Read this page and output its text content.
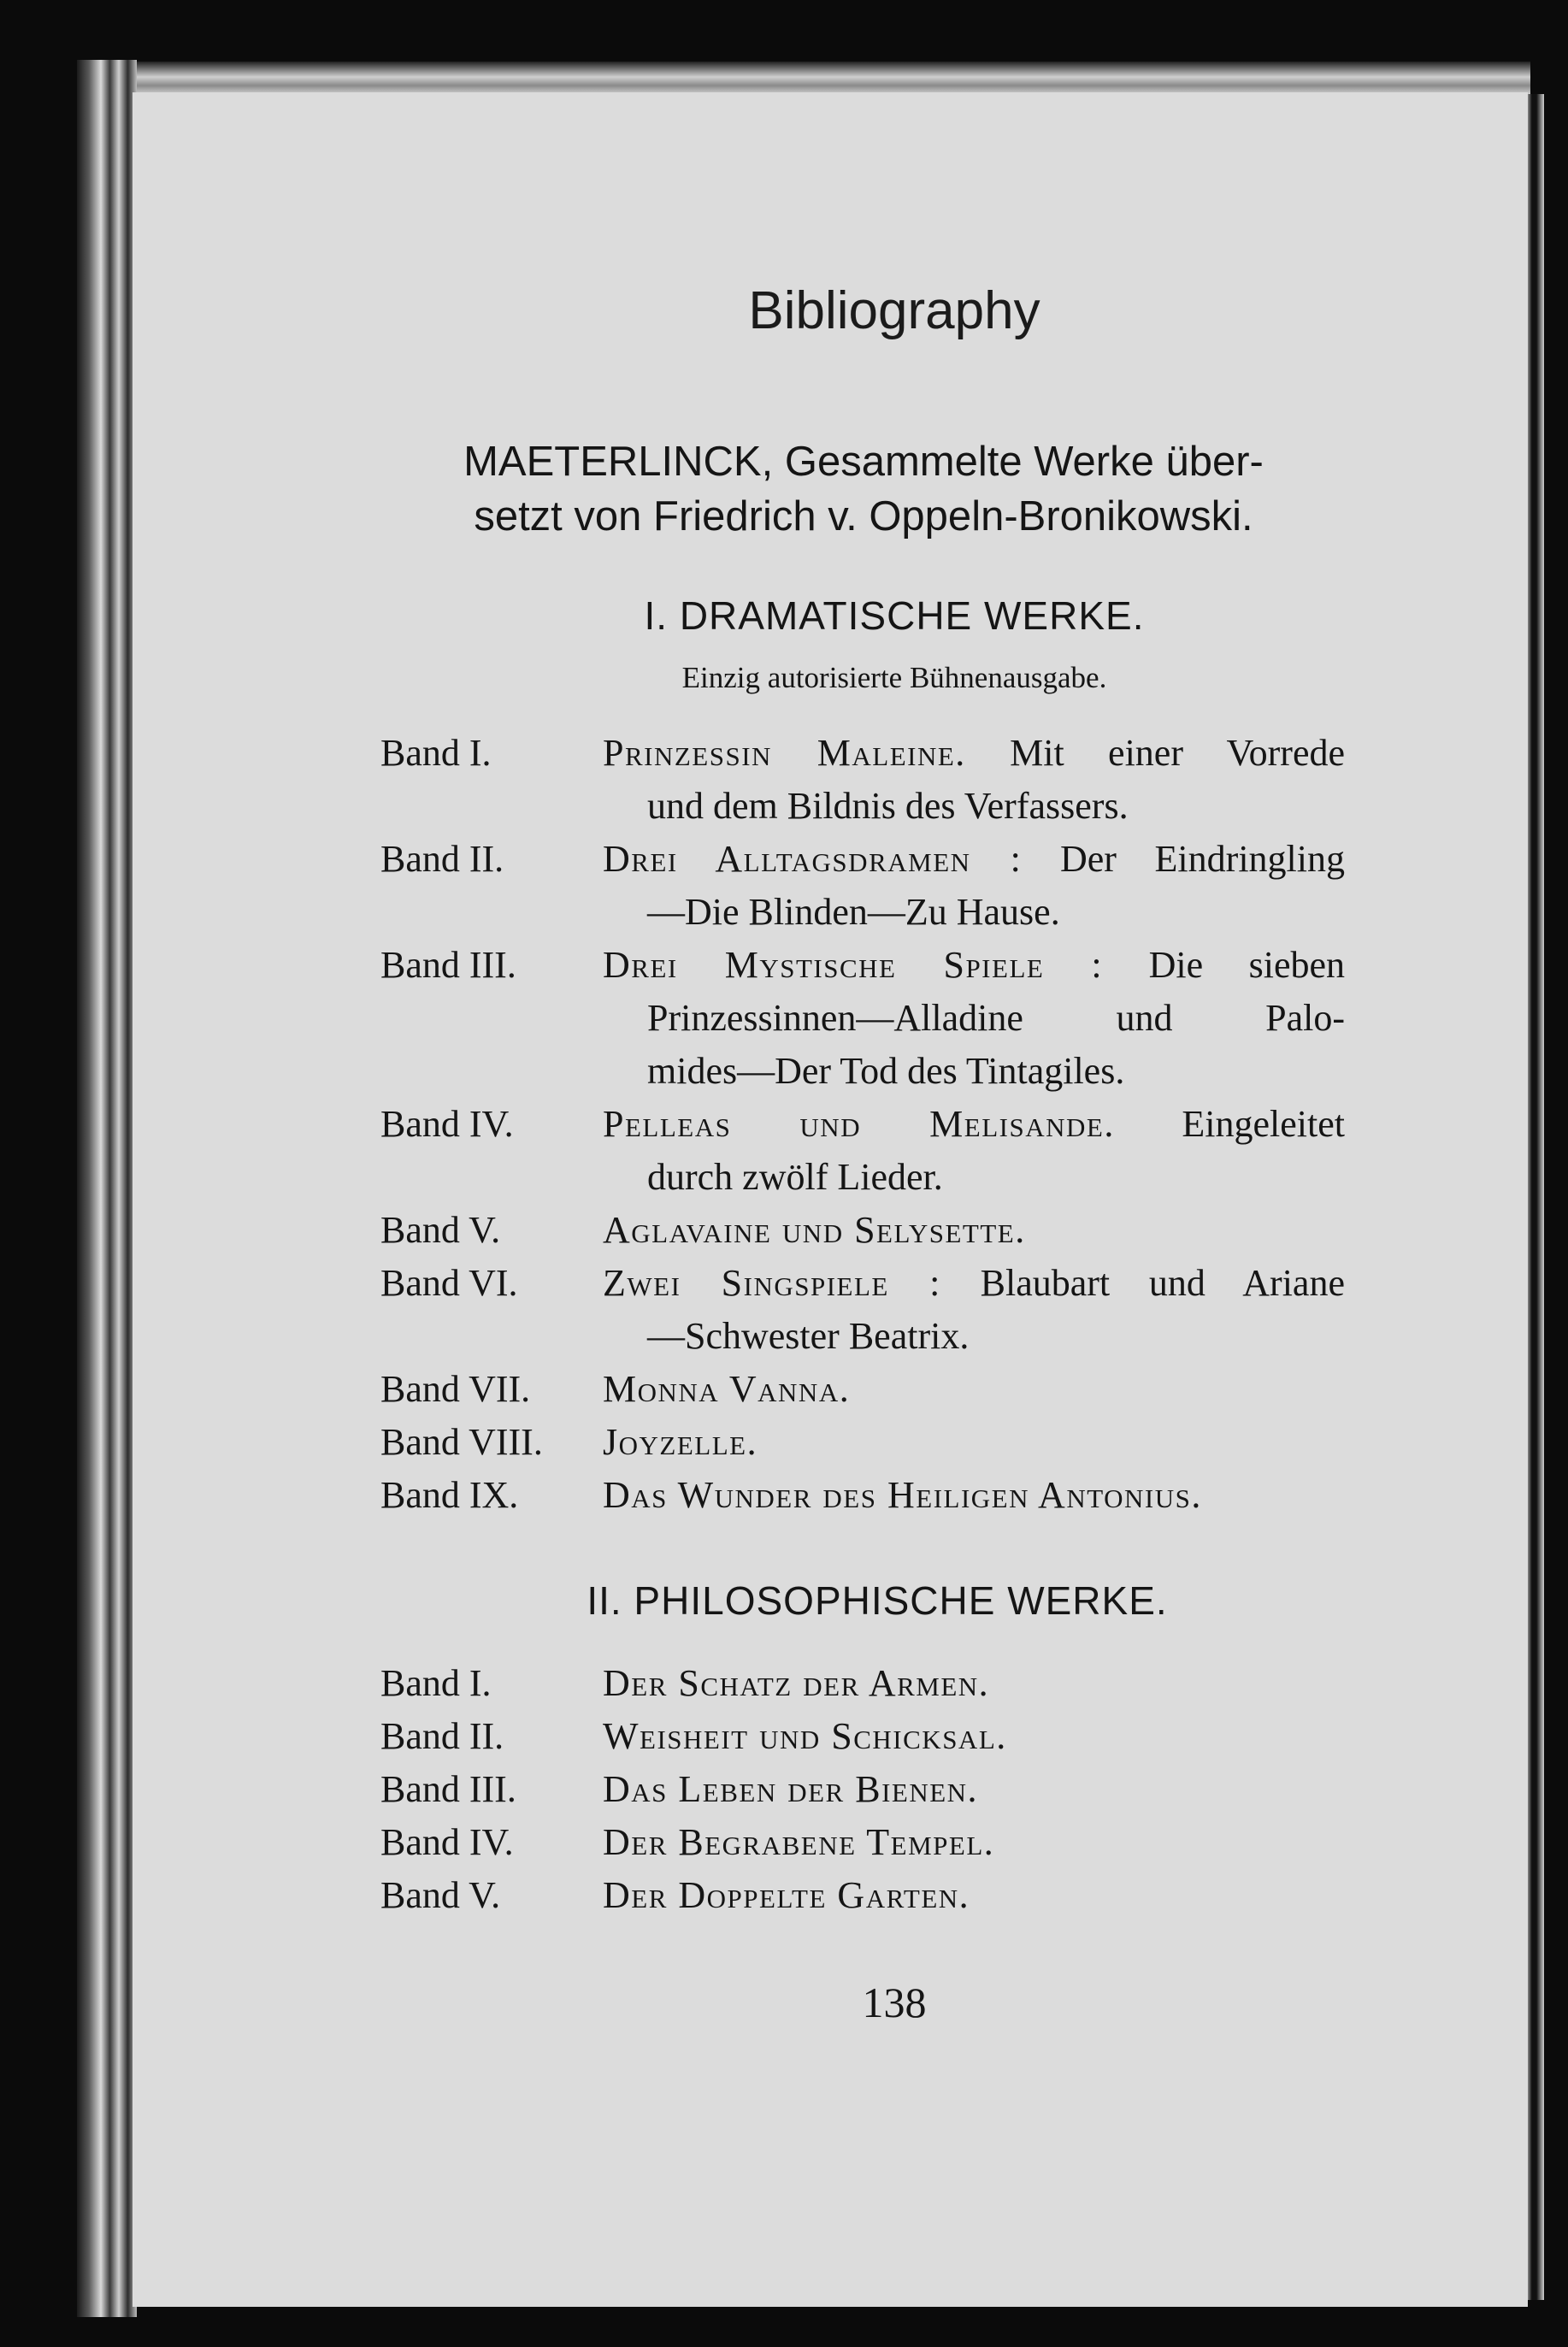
Bibliography
MAETERLINCK, Gesammelte Werke über-
setzt von Friedrich v. Oppeln-Bronikowski.
I. DRAMATISCHE WERKE.
Einzig autorisierte Bühnenausgabe.
Band I.	Prinzessin Maleine. Mit einer Vorrede
und dem Bildnis des Verfassers.
Band II.	Drei Alltagsdramen : Der Eindringling
—Die Blinden—Zu Hause.
Band III. Drei Mystische Spiele : Die sieben
Prinzessinnen—Alladine und Palo-
mides—Der Tod des Tintagiles.
Band IV. Pelleas und Melisande. Eingeleitet
durch zwölf Lieder.
Band V.	Aglavaine und Selysette.
Band VI. Zwei Singspiele : Blaubart und Ariane
—Schwester Beatrix.
Band VII. Monna Vanna.
Band VIII. Joyzelle.
Band IX. Das Wunder des Heiligen Antonius.
II. PHILOSOPHISCHE WERKE.
Band I.	Der Schatz der Armen.
Band II.	Weisheit und Schicksal.
Band III. Das Leben der Bienen.
Band IV. Der Begrabene Tempel.
Band V.	Der Doppelte Garten.
138
